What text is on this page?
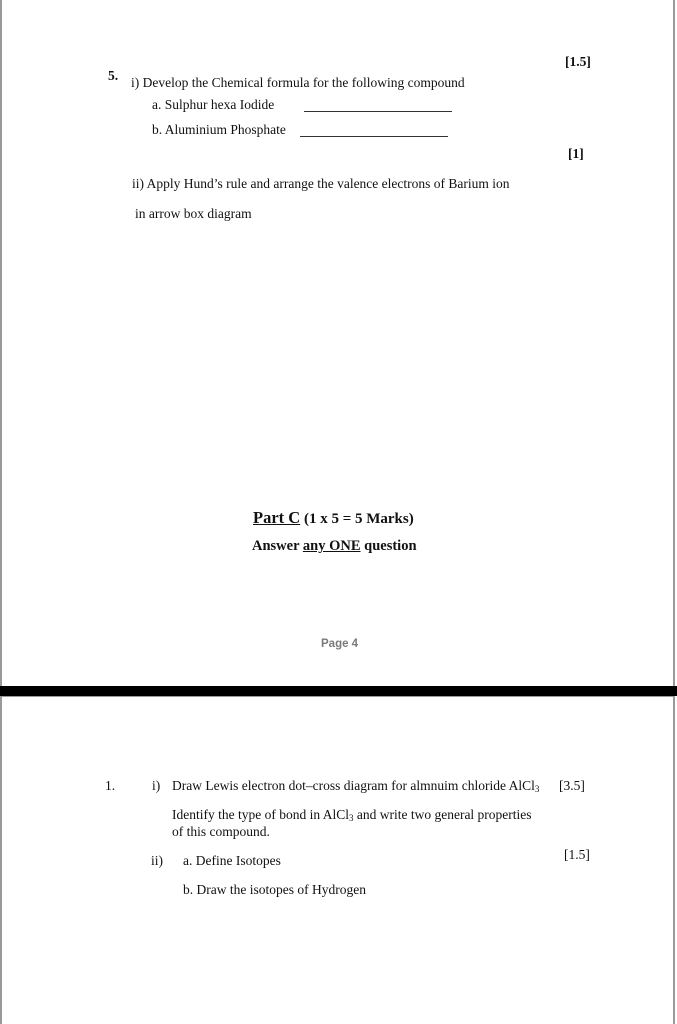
[1.5]
5. i) Develop the Chemical formula for the following compound
a. Sulphur hexa Iodide
b. Aluminium Phosphate
[1]
ii) Apply Hund’s rule and arrange the valence electrons of Barium ion
in arrow box diagram
Part C (1 x 5 = 5 Marks)
Answer any ONE question
Page 4
1.	i) Draw Lewis electron dot–cross diagram for almnuim chloride AlCl$_3$ [3.5]
Identify the type of bond in AlCl$_3$ and write two general properties
of this compound.
[1.5]
ii) a. Define Isotopes
b. Draw the isotopes of Hydrogen
